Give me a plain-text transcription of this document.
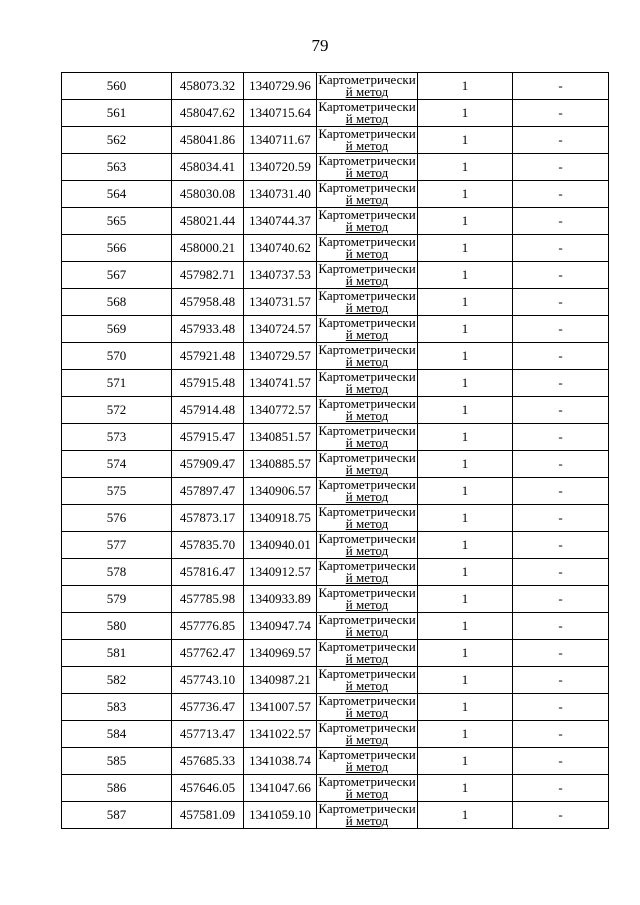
79
560	458073.32	1340729.96	Картометрически
й метод	1	-
561	458047.62	1340715.64	Картометрически
й метод	1	-
562	458041.86	1340711.67	Картометрически
й метод	1	-
563	458034.41	1340720.59	Картометрически
й метод	1	-
564	458030.08	1340731.40	Картометрически
й метод	1	-
565	458021.44	1340744.37	Картометрически
й метод	1	-
566	458000.21	1340740.62	Картометрически
й метод	1	-
567	457982.71	1340737.53	Картометрически
й метод	1	-
568	457958.48	1340731.57	Картометрически
й метод	1	-
569	457933.48	1340724.57	Картометрически
й метод	1	-
570	457921.48	1340729.57	Картометрически
й метод	1	-
571	457915.48	1340741.57	Картометрически
й метод	1	-
572	457914.48	1340772.57	Картометрически
й метод	1	-
573	457915.47	1340851.57	Картометрически
й метод	1	-
574	457909.47	1340885.57	Картометрически
й метод	1	-
575	457897.47	1340906.57	Картометрически
й метод	1	-
576	457873.17	1340918.75	Картометрически
й метод	1	-
577	457835.70	1340940.01	Картометрически
й метод	1	-
578	457816.47	1340912.57	Картометрически
й метод	1	-
579	457785.98	1340933.89	Картометрически
й метод	1	-
580	457776.85	1340947.74	Картометрически
й метод	1	-
581	457762.47	1340969.57	Картометрически
й метод	1	-
582	457743.10	1340987.21	Картометрически
й метод	1	-
583	457736.47	1341007.57	Картометрически
й метод	1	-
584	457713.47	1341022.57	Картометрически
й метод	1	-
585	457685.33	1341038.74	Картометрически
й метод	1	-
586	457646.05	1341047.66	Картометрически
й метод	1	-
587	457581.09	1341059.10	Картометрически
й метод	1	-
